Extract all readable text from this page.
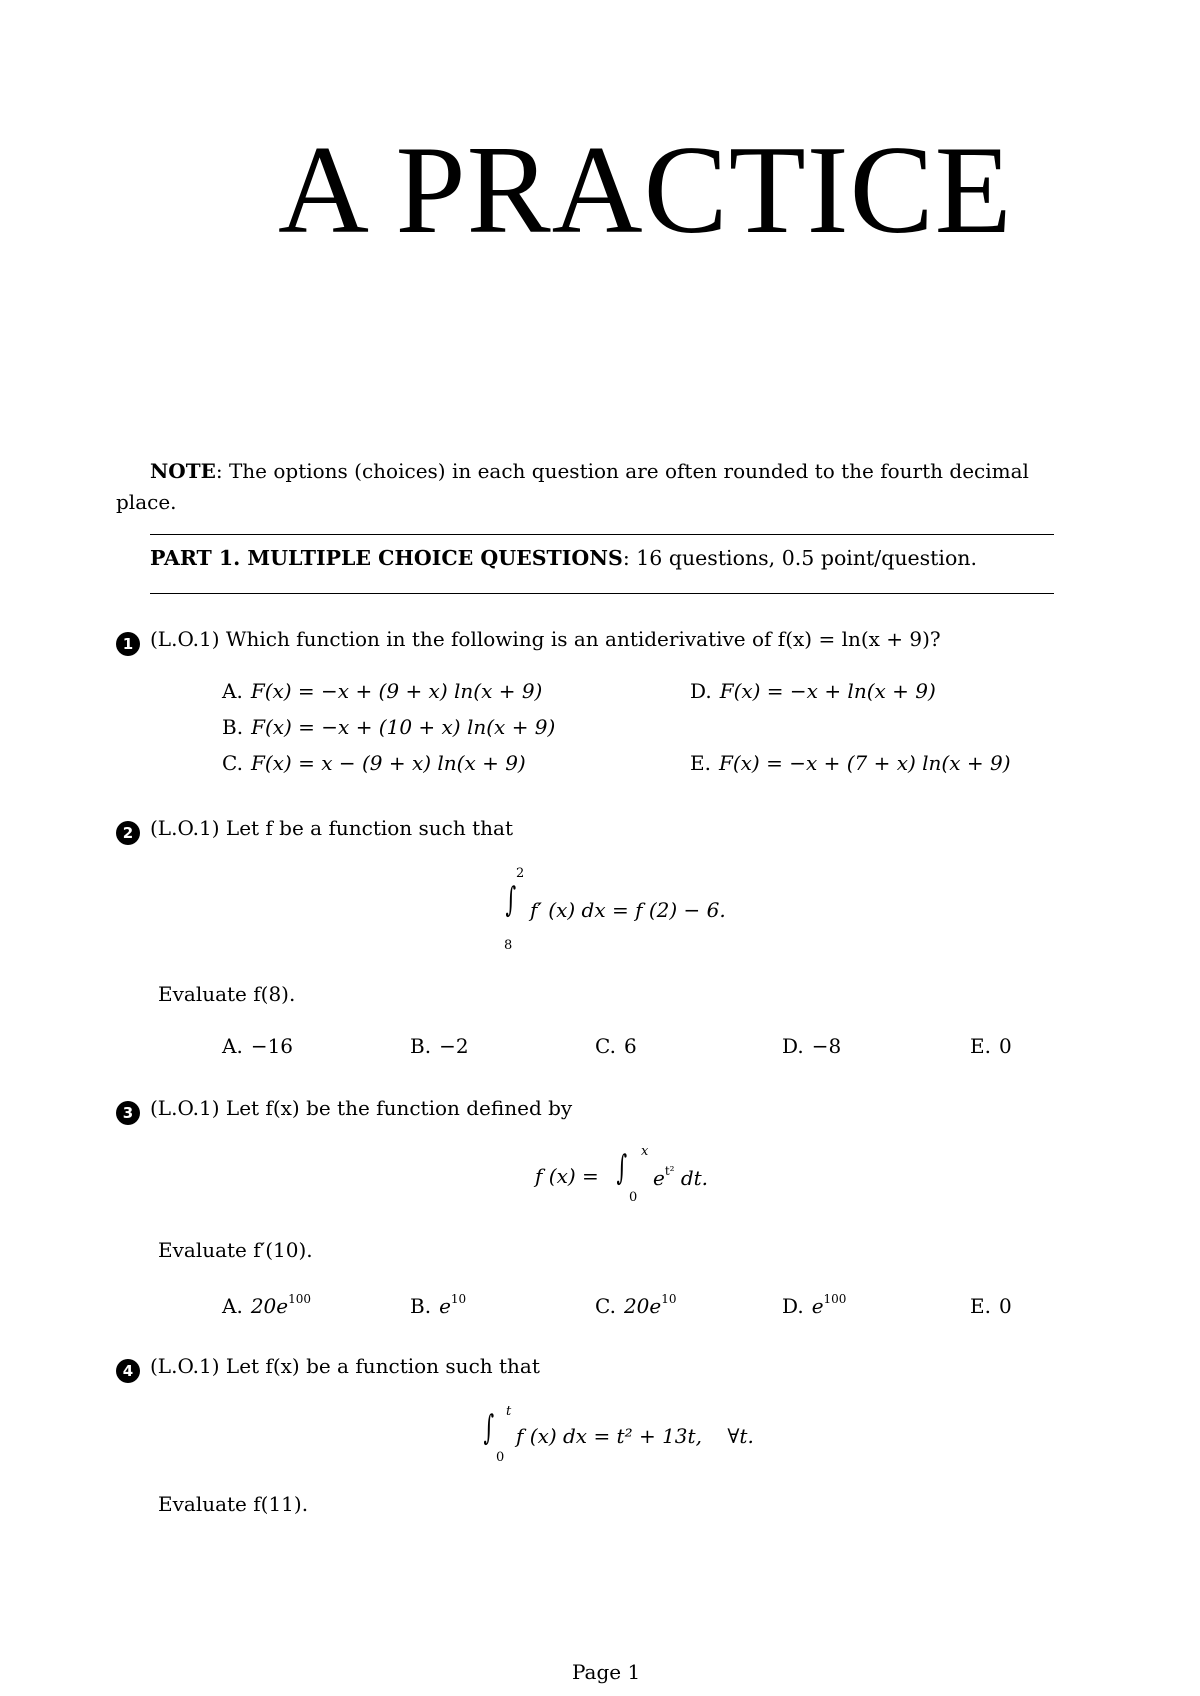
A PRACTICE
NOTE: The options (choices) in each question are often rounded to the fourth decimal
place.
PART 1. MULTIPLE CHOICE QUESTIONS: 16 questions, 0.5 point/question.
1 (L.O.1) Which function in the following is an antiderivative of f(x) = ln(x + 9)?
A. F(x) = −x + (9 + x) ln(x + 9)
B. F(x) = −x + (10 + x) ln(x + 9)
C. F(x) = x − (9 + x) ln(x + 9)
D. F(x) = −x + ln(x + 9)
E. F(x) = −x + (7 + x) ln(x + 9)
2 (L.O.1) Let f be a function such that
2
∫
8
f′ (x) dx = f (2) − 6.
Evaluate f(8).
A. −16	B. −2	C. 6	D. −8	E. 0
3 (L.O.1) Let f(x) be the function defined by
f (x) = ∫ x
0
$e^{t^2}$ dt.
Evaluate f′(10).
A. $20e^{100}$	B. $e^{10}$	C. $20e^{10}$	D. $e^{100}$	E. 0
4 (L.O.1) Let f(x) be a function such that
∫ t
0
f (x) dx = t² + 13t,    ∀t.
Evaluate f(11).
Page 1
